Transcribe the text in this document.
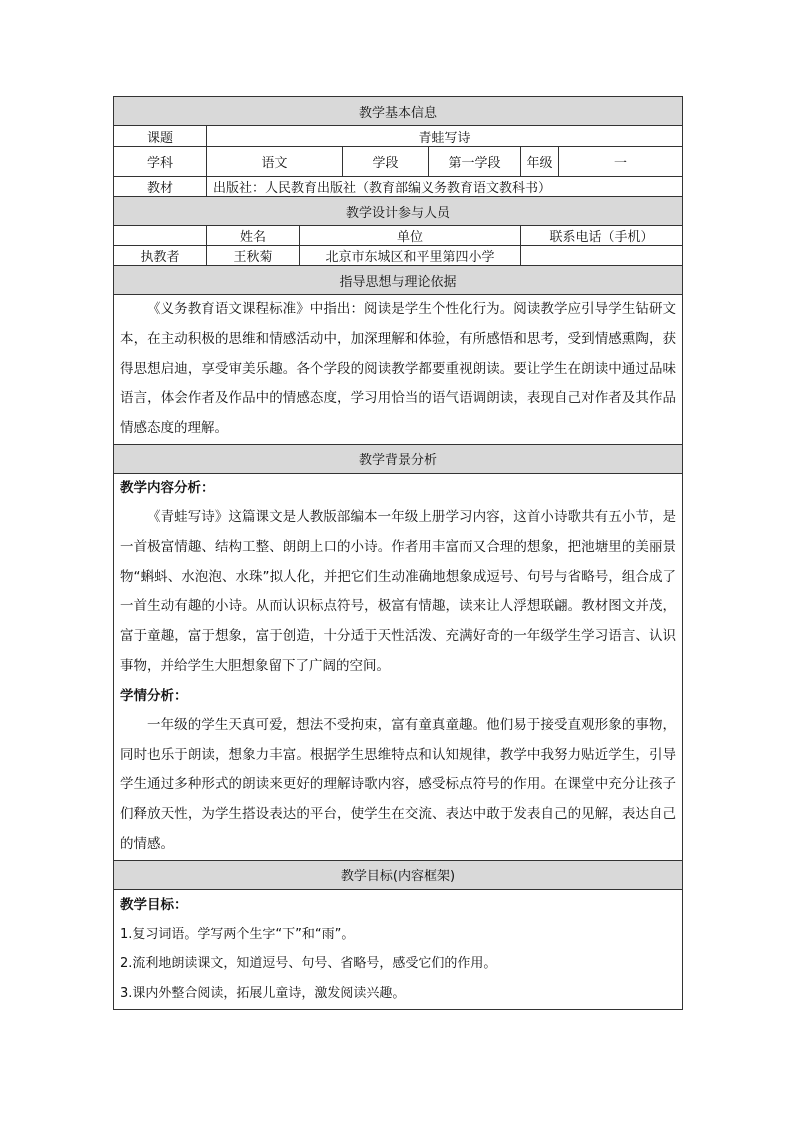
教学基本信息						
课题	青蛙写诗					
学科	语文		学段	第一学段	年级	一
教材	出版社：人民教育出版社（教育部编义务教育语文教科书）					
教学设计参与人员						
	姓名	单位			联系电话（手机）	
执教者	王秋菊	北京市东城区和平里第四小学				
指导思想与理论依据						

《义务教育语文课程标准》中指出：阅读是学生个性化行为。阅读教学应引导学生钻研文本，在主动积极的思维和情感活动中，加深理解和体验，有所感悟和思考，受到情感熏陶，获得思想启迪，享受审美乐趣。各个学段的阅读教学都要重视朗读。要让学生在朗读中通过品味语言，体会作者及作品中的情感态度，学习用恰当的语气语调朗读，表现自己对作者及其作品情感态度的理解。						

教学背景分析						

教学内容分析：

《青蛙写诗》这篇课文是人教版部编本一年级上册学习内容，这首小诗歌共有五小节，是一首极富情趣、结构工整、朗朗上口的小诗。作者用丰富而又合理的想象，把池塘里的美丽景物“蝌蚪、水泡泡、水珠”拟人化，并把它们生动准确地想象成逗号、句号与省略号，组合成了一首生动有趣的小诗。从而认识标点符号，极富有情趣，读来让人浮想联翩。教材图文并茂，富于童趣，富于想象，富于创造，十分适于天性活泼、充满好奇的一年级学生学习语言、认识事物，并给学生大胆想象留下了广阔的空间。

学情分析：

一年级的学生天真可爱，想法不受拘束，富有童真童趣。他们易于接受直观形象的事物，同时也乐于朗读，想象力丰富。根据学生思维特点和认知规律，教学中我努力贴近学生，引导学生通过多种形式的朗读来更好的理解诗歌内容，感受标点符号的作用。在课堂中充分让孩子们释放天性，为学生搭设表达的平台，使学生在交流、表达中敢于发表自己的见解，表达自己的情感。						

教学目标(内容框架)						

教学目标：
1.复习词语。学写两个生字“下”和“雨”。
2.流利地朗读课文，知道逗号、句号、省略号，感受它们的作用。
3.课内外整合阅读，拓展儿童诗，激发阅读兴趣。						
